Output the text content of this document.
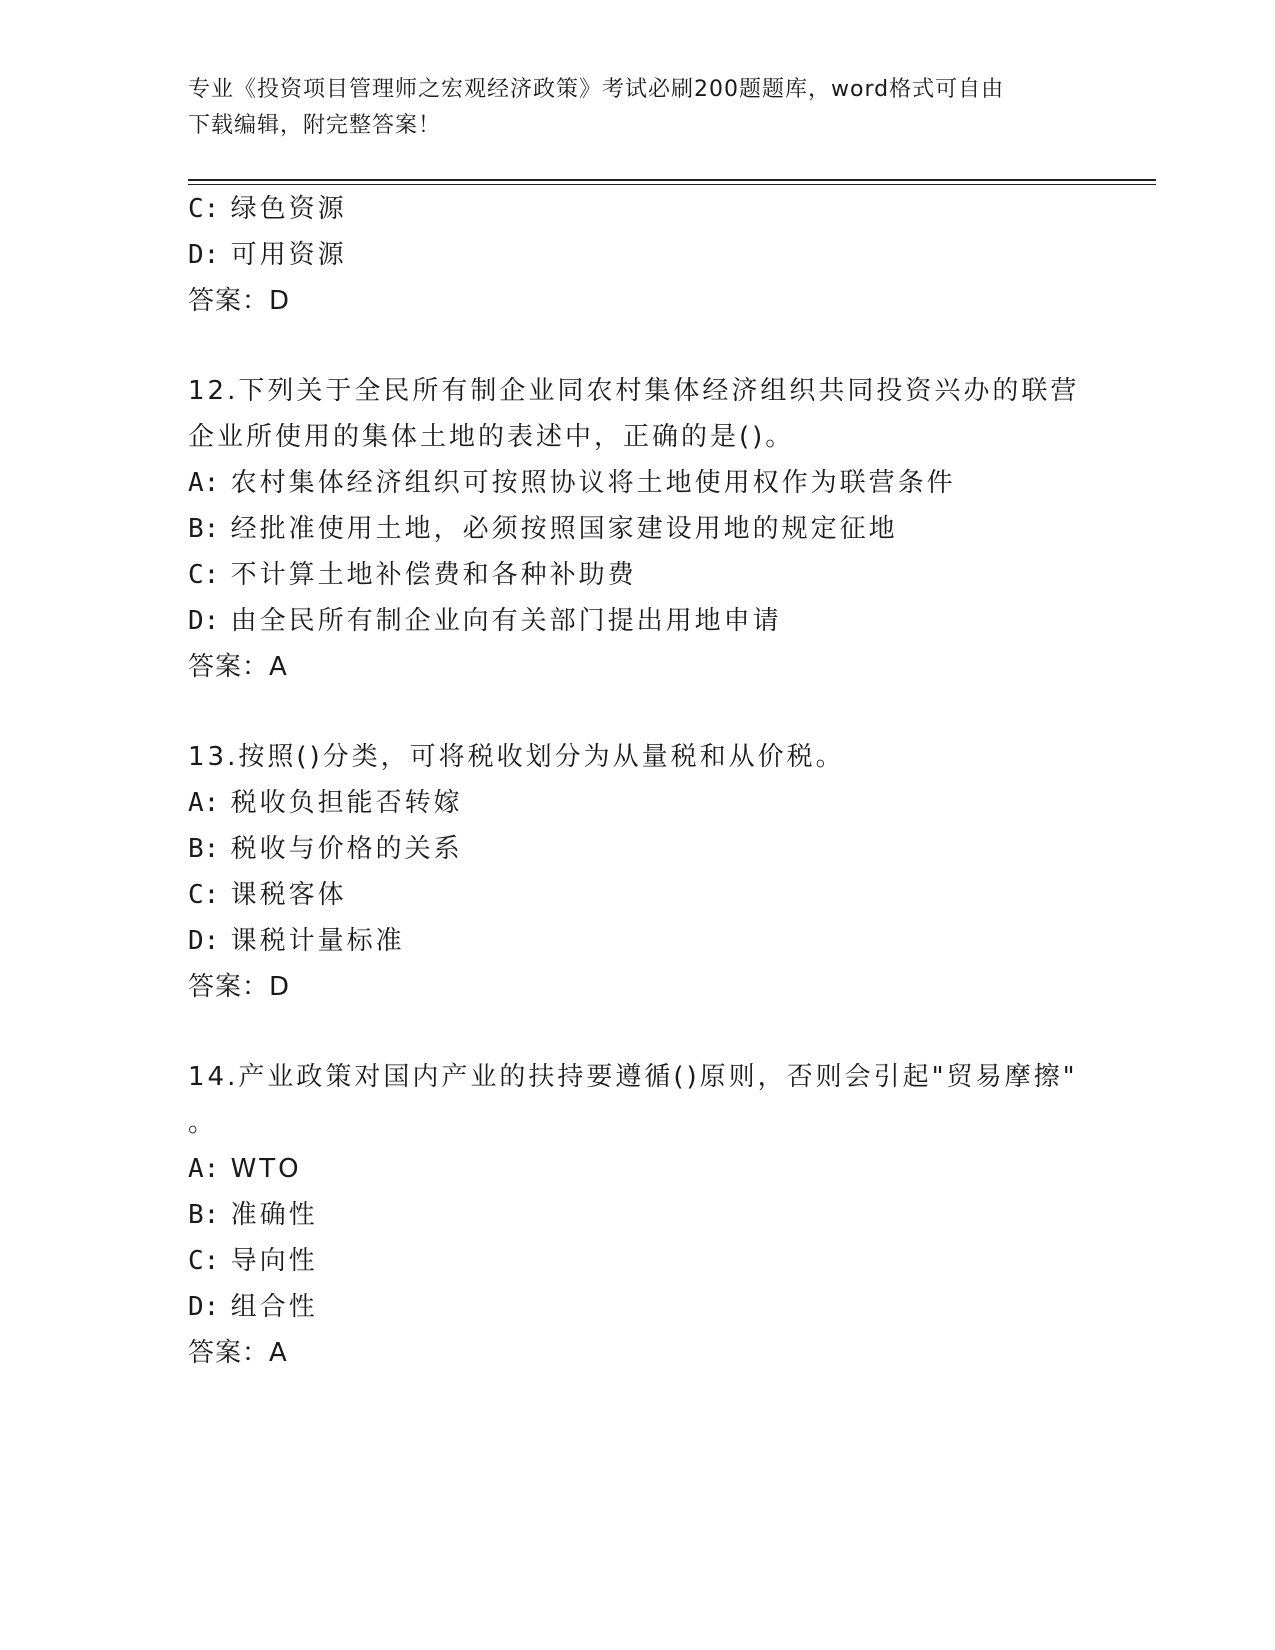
专业《投资项目管理师之宏观经济政策》考试必刷200题题库，word格式可自由
下载编辑，附完整答案！
C: 绿色资源
D: 可用资源
答案：D
12.下列关于全民所有制企业同农村集体经济组织共同投资兴办的联营
企业所使用的集体土地的表述中，正确的是()。
A: 农村集体经济组织可按照协议将土地使用权作为联营条件
B: 经批准使用土地，必须按照国家建设用地的规定征地
C: 不计算土地补偿费和各种补助费
D: 由全民所有制企业向有关部门提出用地申请
答案：A
13.按照()分类，可将税收划分为从量税和从价税。
A: 税收负担能否转嫁
B: 税收与价格的关系
C: 课税客体
D: 课税计量标准
答案：D
14.产业政策对国内产业的扶持要遵循()原则，否则会引起"贸易摩擦"
。
A: WTO
B: 准确性
C: 导向性
D: 组合性
答案：A
